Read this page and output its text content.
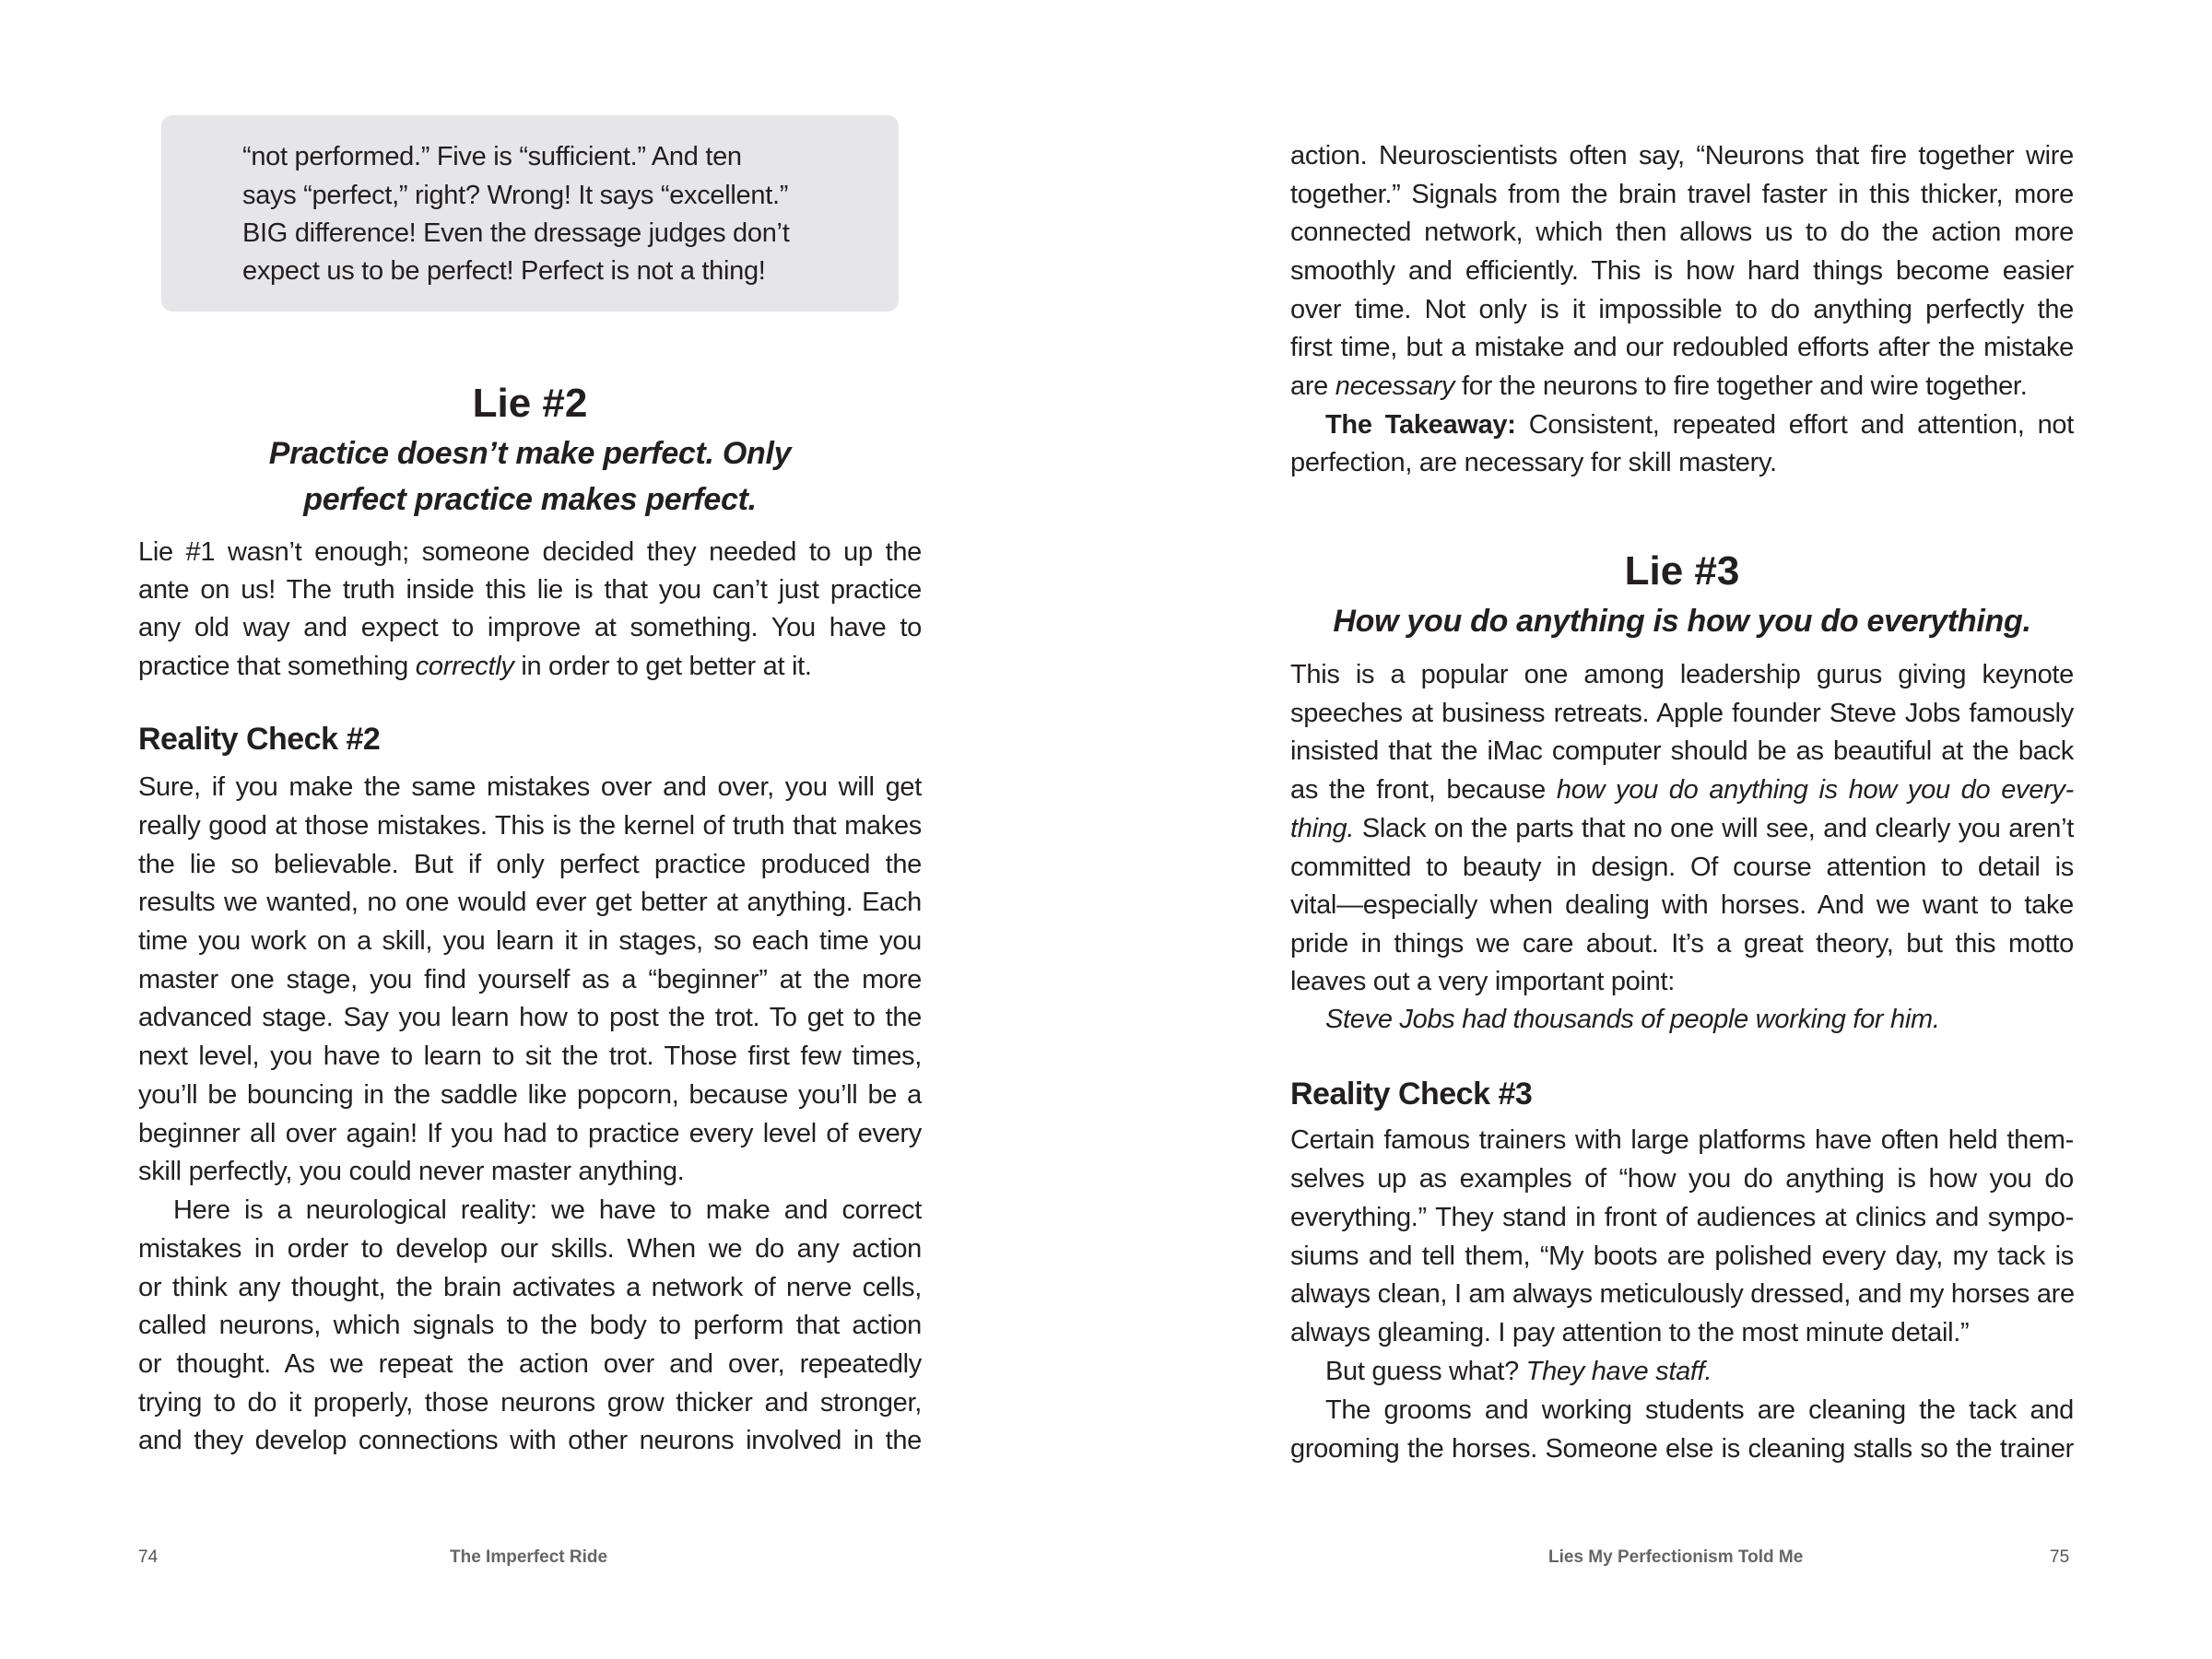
“not performed.” Five is “sufficient.” And ten
says “perfect,” right? Wrong! It says “excellent.”
BIG difference! Even the dressage judges don’t
expect us to be perfect! Perfect is not a thing!
Lie #2
Practice doesn’t make perfect. Only
perfect practice makes perfect.
Lie #1 wasn’t enough; someone decided they needed to up the
ante on us! The truth inside this lie is that you can’t just practice
any old way and expect to improve at something. You have to
practice that something correctly in order to get better at it.
Reality Check #2
Sure, if you make the same mistakes over and over, you will get
really good at those mistakes. This is the kernel of truth that makes
the lie so believable. But if only perfect practice produced the
results we wanted, no one would ever get better at anything. Each
time you work on a skill, you learn it in stages, so each time you
master one stage, you find yourself as a “beginner” at the more
advanced stage. Say you learn how to post the trot. To get to the
next level, you have to learn to sit the trot. Those first few times,
you’ll be bouncing in the saddle like popcorn, because you’ll be a
beginner all over again! If you had to practice every level of every
skill perfectly, you could never master anything.
Here is a neurological reality: we have to make and correct
mistakes in order to develop our skills. When we do any action
or think any thought, the brain activates a network of nerve cells,
called neurons, which signals to the body to perform that action
or thought. As we repeat the action over and over, repeatedly
trying to do it properly, those neurons grow thicker and stronger,
and they develop connections with other neurons involved in the
74	The Imperfect Ride
action. Neuroscientists often say, “Neurons that fire together wire
together.” Signals from the brain travel faster in this thicker, more
connected network, which then allows us to do the action more
smoothly and efficiently. This is how hard things become easier
over time. Not only is it impossible to do anything perfectly the
first time, but a mistake and our redoubled efforts after the mistake
are necessary for the neurons to fire together and wire together.
The Takeaway: Consistent, repeated effort and attention, not
perfection, are necessary for skill mastery.
Lie #3
How you do anything is how you do everything.
This is a popular one among leadership gurus giving keynote
speeches at business retreats. Apple founder Steve Jobs famously
insisted that the iMac computer should be as beautiful at the back
as the front, because how you do anything is how you do every-
thing. Slack on the parts that no one will see, and clearly you aren’t
committed to beauty in design. Of course attention to detail is
vital—especially when dealing with horses. And we want to take
pride in things we care about. It’s a great theory, but this motto
leaves out a very important point:
Steve Jobs had thousands of people working for him.
Reality Check #3
Certain famous trainers with large platforms have often held them-
selves up as examples of “how you do anything is how you do
everything.” They stand in front of audiences at clinics and sympo-
siums and tell them, “My boots are polished every day, my tack is
always clean, I am always meticulously dressed, and my horses are
always gleaming. I pay attention to the most minute detail.”
But guess what? They have staff.
The grooms and working students are cleaning the tack and
grooming the horses. Someone else is cleaning stalls so the trainer
Lies My Perfectionism Told Me	75
